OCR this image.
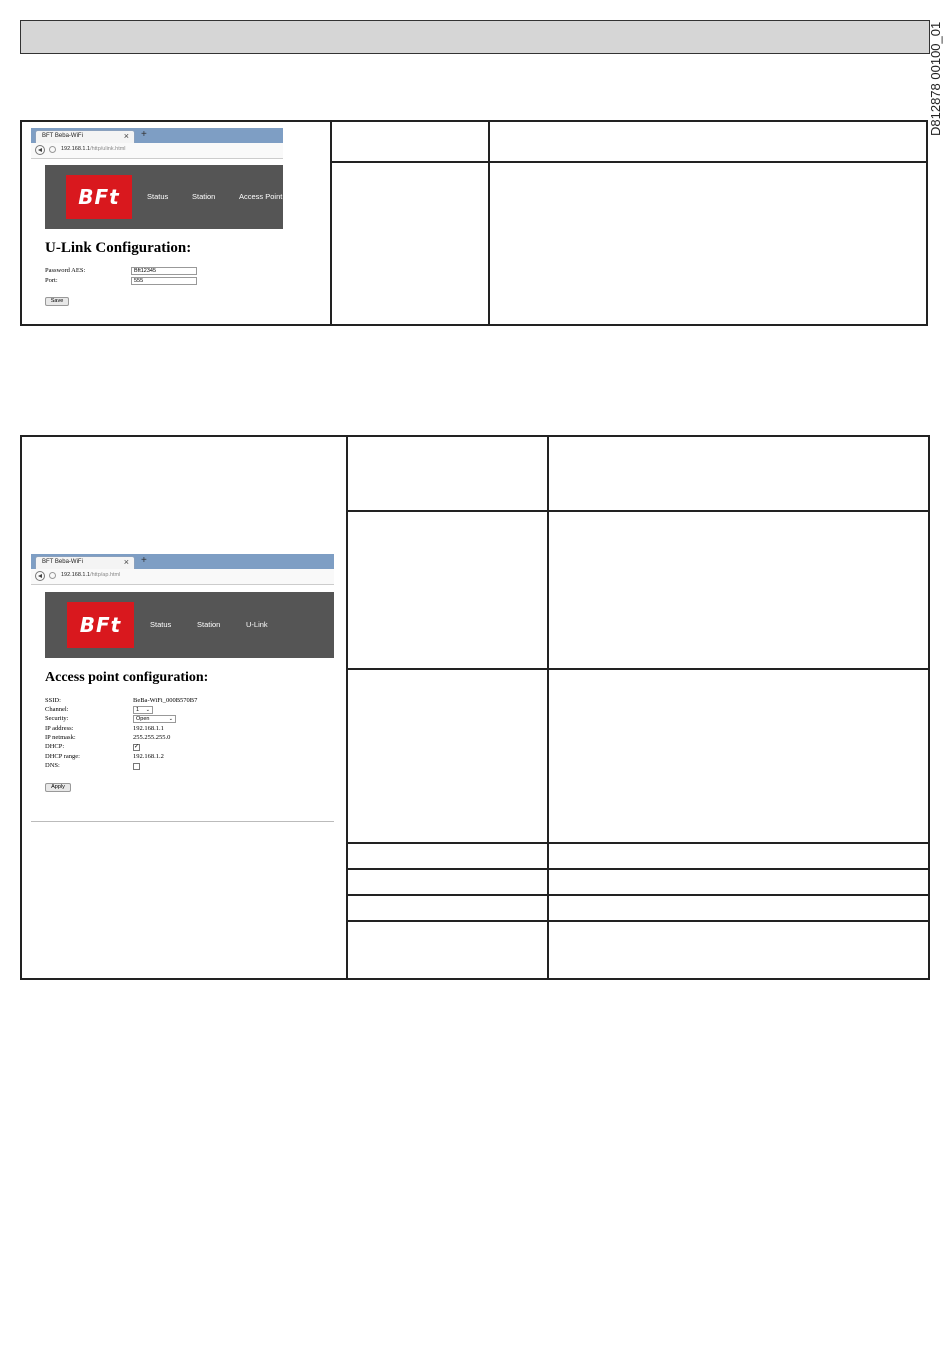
D812878 00100_01
BFT Beba-WiFi	× +
192.168.1.1/http/ulink.html
BFt	Status	Station	Access Point
U-Link Configuration:
Password AES:	Bft12345
Port:	555
Save
BFT Beba-WiFi	× +
192.168.1.1/http/ap.html
BFt	Status	Station	U-Link
Access point configuration:
SSID:	BeBa-WiFi_000B570B7
Channel:	1 ⌄
Security:	Open	⌄
IP address:	192.168.1.1
IP netmask:	255.255.255.0
DHCP:	✓
DHCP range:	192.168.1.2
DNS:
Apply
